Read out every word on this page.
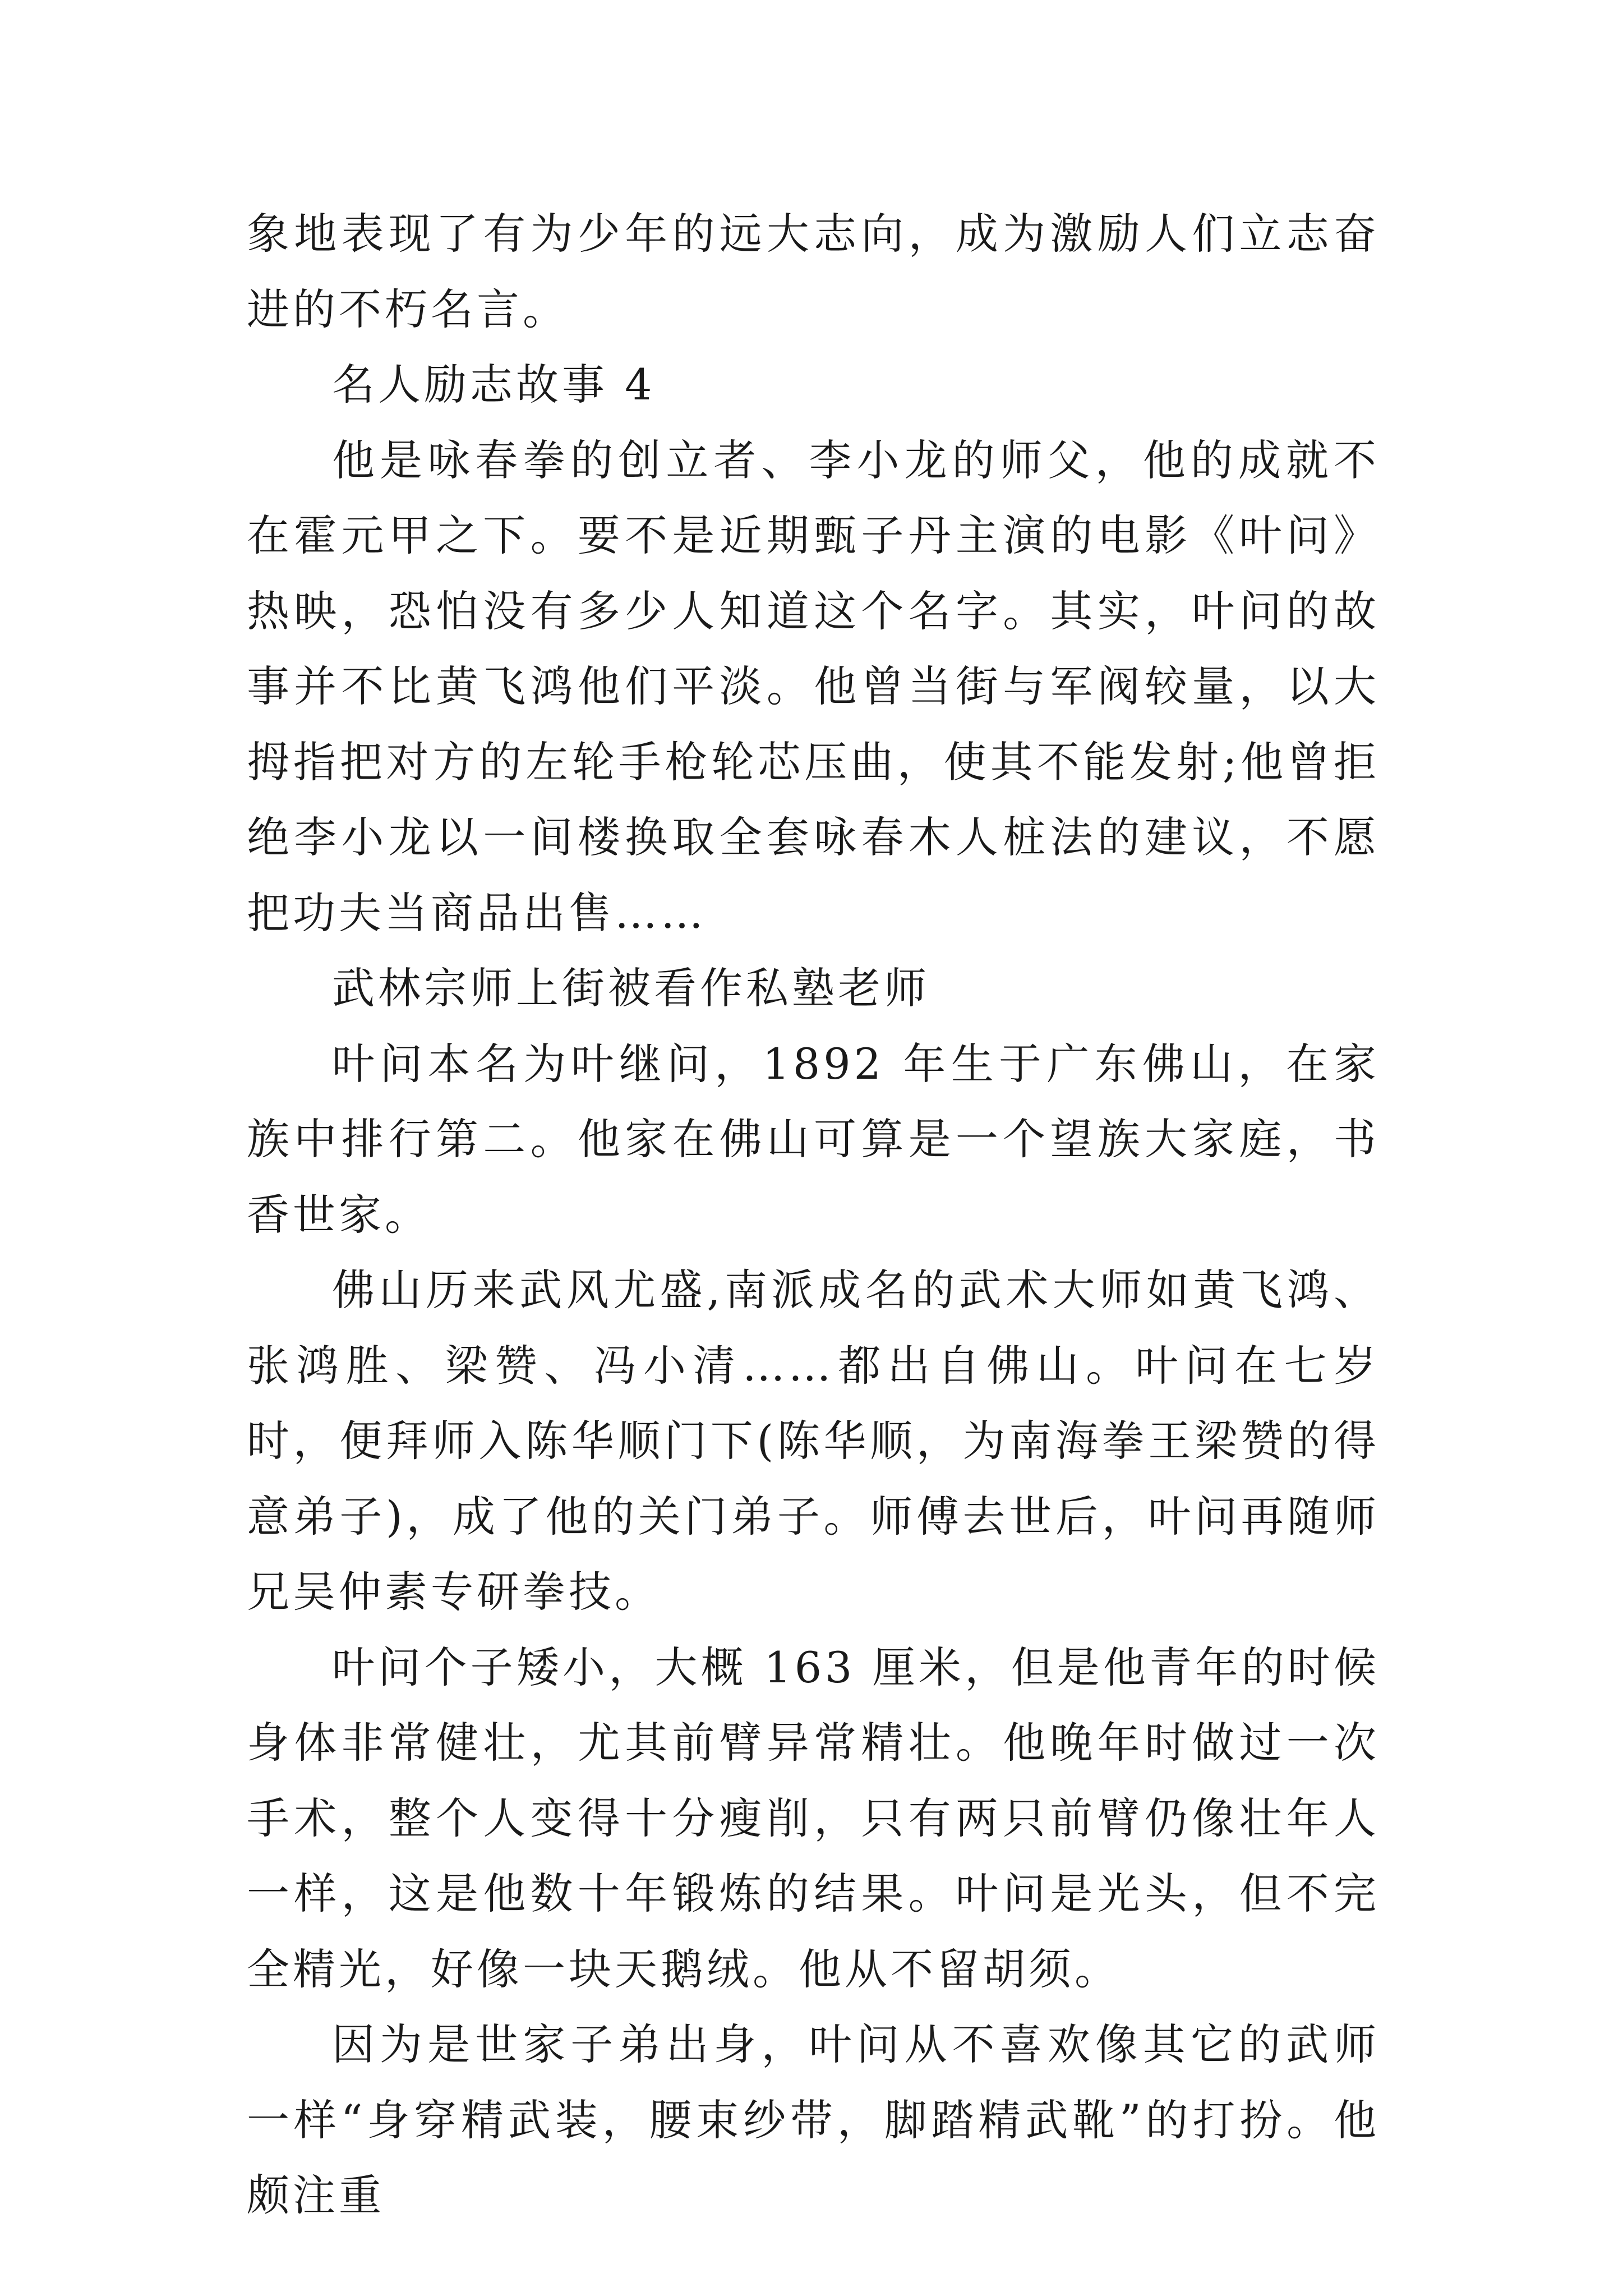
象地表现了有为少年的远大志向，成为激励人们立志奋进的不朽名言。

名人励志故事 4

他是咏春拳的创立者、李小龙的师父，他的成就不在霍元甲之下。要不是近期甄子丹主演的电影《叶问》热映，恐怕没有多少人知道这个名字。其实，叶问的故事并不比黄飞鸿他们平淡。他曾当街与军阀较量，以大拇指把对方的左轮手枪轮芯压曲，使其不能发射;他曾拒绝李小龙以一间楼换取全套咏春木人桩法的建议，不愿把功夫当商品出售……

武林宗师上街被看作私塾老师

叶问本名为叶继问，1892 年生于广东佛山，在家族中排行第二。他家在佛山可算是一个望族大家庭，书香世家。

佛山历来武风尤盛,南派成名的武术大师如黄飞鸿、张鸿胜、梁赞、冯小清……都出自佛山。叶问在七岁时，便拜师入陈华顺门下(陈华顺，为南海拳王梁赞的得意弟子)，成了他的关门弟子。师傅去世后，叶问再随师兄吴仲素专研拳技。

叶问个子矮小，大概 163 厘米，但是他青年的时候身体非常健壮，尤其前臂异常精壮。他晚年时做过一次手术，整个人变得十分瘦削，只有两只前臂仍像壮年人一样，这是他数十年锻炼的结果。叶问是光头，但不完全精光，好像一块天鹅绒。他从不留胡须。

因为是世家子弟出身，叶问从不喜欢像其它的武师一样“身穿精武装，腰束纱带，脚踏精武靴”的打扮。他颇注重
